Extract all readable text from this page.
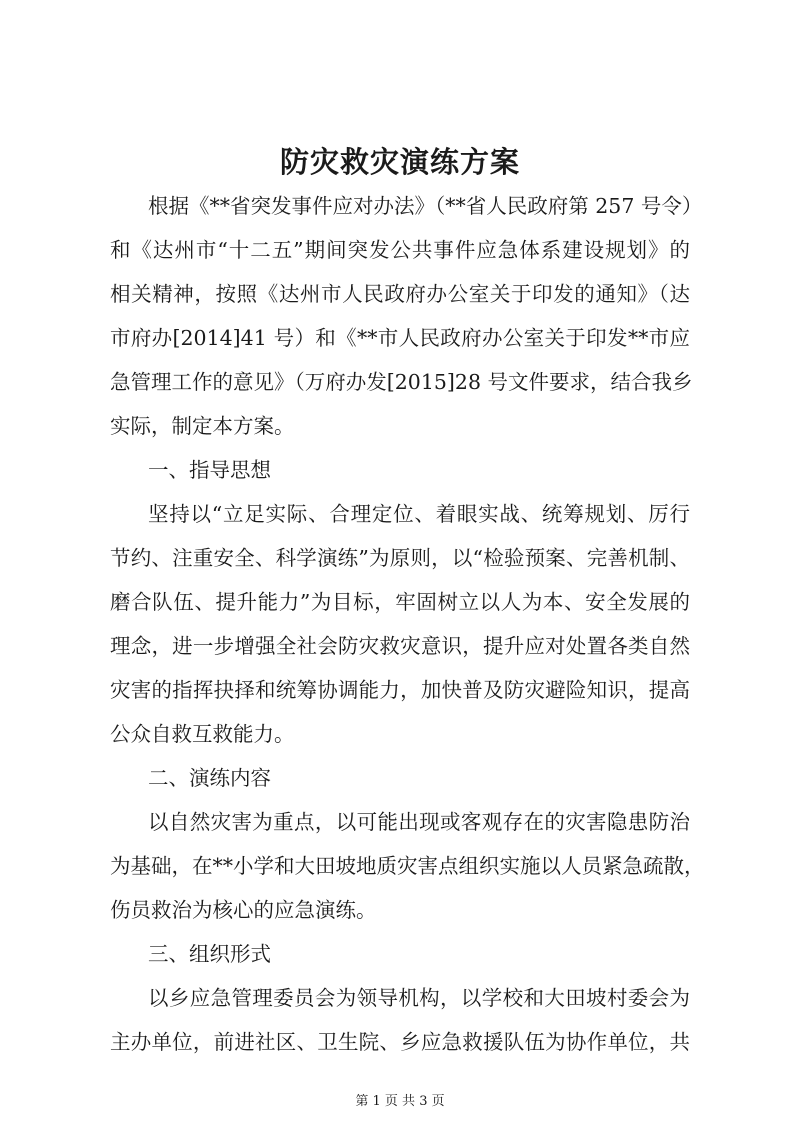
防灾救灾演练方案
根据《**省突发事件应对办法》（**省人民政府第 257 号令）
和《达州市“十二五”期间突发公共事件应急体系建设规划》的
相关精神，按照《达州市人民政府办公室关于印发的通知》（达
市府办[2014]41 号）和《**市人民政府办公室关于印发**市应
急管理工作的意见》（万府办发[2015]28 号文件要求，结合我乡
实际，制定本方案。
一、指导思想
坚持以“立足实际、合理定位、着眼实战、统筹规划、厉行
节约、注重安全、科学演练”为原则，以“检验预案、完善机制、
磨合队伍、提升能力”为目标，牢固树立以人为本、安全发展的
理念，进一步增强全社会防灾救灾意识，提升应对处置各类自然
灾害的指挥抉择和统筹协调能力，加快普及防灾避险知识，提高
公众自救互救能力。
二、演练内容
以自然灾害为重点，以可能出现或客观存在的灾害隐患防治
为基础，在**小学和大田坡地质灾害点组织实施以人员紧急疏散，
伤员救治为核心的应急演练。
三、组织形式
以乡应急管理委员会为领导机构，以学校和大田坡村委会为
主办单位，前进社区、卫生院、乡应急救援队伍为协作单位，共
第 1 页 共 3 页
